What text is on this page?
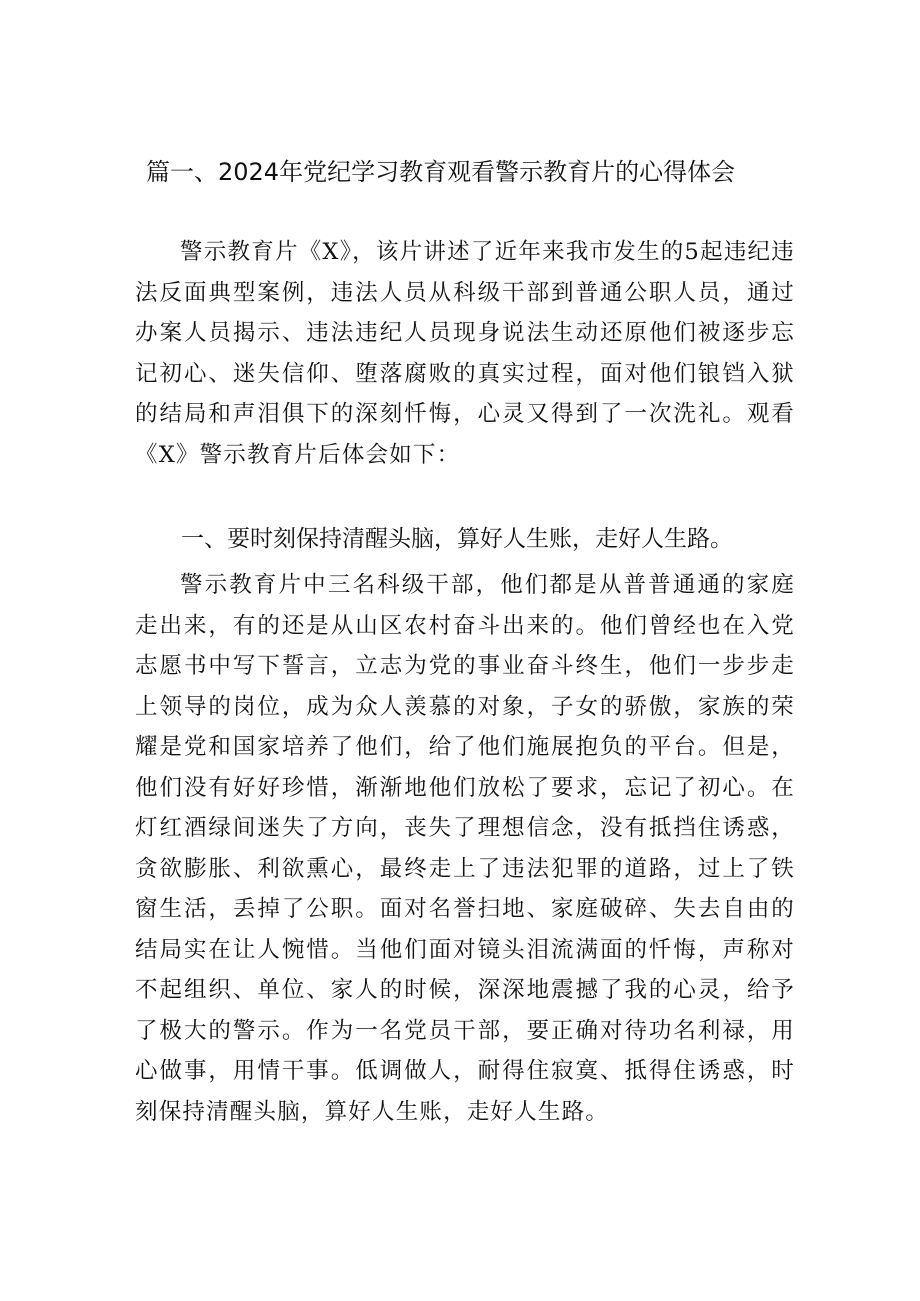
篇一、2024年党纪学习教育观看警示教育片的心得体会

警示教育片《X》，该片讲述了近年来我市发生的5起违纪违法反面典型案例，违法人员从科级干部到普通公职人员，通过办案人员揭示、违法违纪人员现身说法生动还原他们被逐步忘记初心、迷失信仰、堕落腐败的真实过程，面对他们锒铛入狱的结局和声泪俱下的深刻忏悔，心灵又得到了一次洗礼。观看《X》警示教育片后体会如下：

一、要时刻保持清醒头脑，算好人生账，走好人生路。

警示教育片中三名科级干部，他们都是从普普通通的家庭走出来，有的还是从山区农村奋斗出来的。他们曾经也在入党志愿书中写下誓言，立志为党的事业奋斗终生，他们一步步走上领导的岗位，成为众人羡慕的对象，子女的骄傲，家族的荣耀是党和国家培养了他们，给了他们施展抱负的平台。但是，他们没有好好珍惜，渐渐地他们放松了要求，忘记了初心。在灯红酒绿间迷失了方向，丧失了理想信念，没有抵挡住诱惑，贪欲膨胀、利欲熏心，最终走上了违法犯罪的道路，过上了铁窗生活，丢掉了公职。面对名誉扫地、家庭破碎、失去自由的结局实在让人惋惜。当他们面对镜头泪流满面的忏悔，声称对不起组织、单位、家人的时候，深深地震撼了我的心灵，给予了极大的警示。作为一名党员干部，要正确对待功名利禄，用心做事，用情干事。低调做人，耐得住寂寞、抵得住诱惑，时刻保持清醒头脑，算好人生账，走好人生路。
